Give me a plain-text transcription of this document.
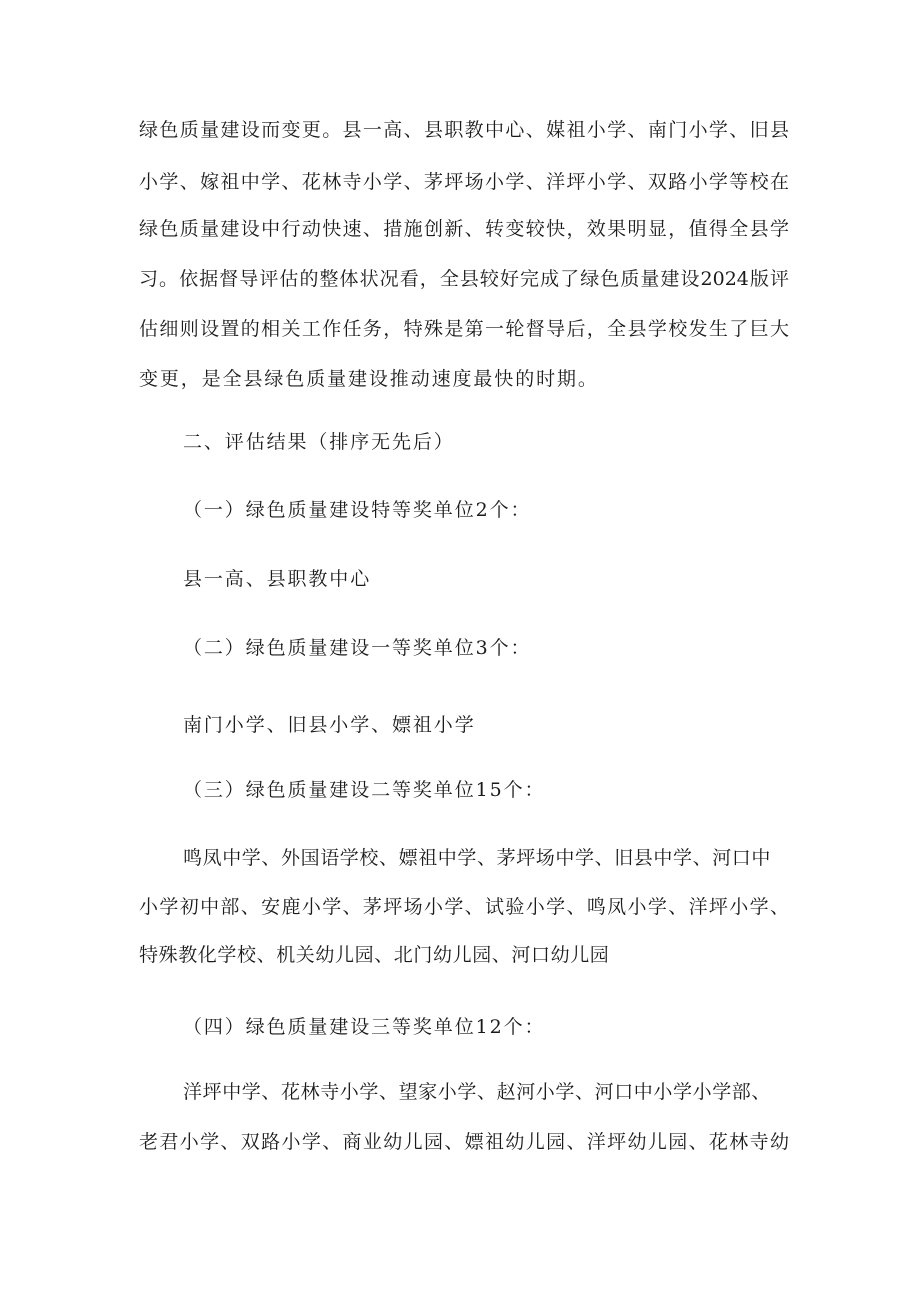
绿色质量建设而变更。县一高、县职教中心、媒祖小学、南门小学、旧县
小学、嫁祖中学、花林寺小学、茅坪场小学、洋坪小学、双路小学等校在
绿色质量建设中行动快速、措施创新、转变较快，效果明显，值得全县学
习。依据督导评估的整体状况看，全县较好完成了绿色质量建设2024版评
估细则设置的相关工作任务，特殊是第一轮督导后，全县学校发生了巨大
变更，是全县绿色质量建设推动速度最快的时期。
二、评估结果（排序无先后）
（一）绿色质量建设特等奖单位2个：
县一高、县职教中心
（二）绿色质量建设一等奖单位3个：
南门小学、旧县小学、嫖祖小学
（三）绿色质量建设二等奖单位15个：
鸣凤中学、外国语学校、嫖祖中学、茅坪场中学、旧县中学、河口中
小学初中部、安鹿小学、茅坪场小学、试验小学、鸣凤小学、洋坪小学、
特殊教化学校、机关幼儿园、北门幼儿园、河口幼儿园
（四）绿色质量建设三等奖单位12个：
洋坪中学、花林寺小学、望家小学、赵河小学、河口中小学小学部、
老君小学、双路小学、商业幼儿园、嫖祖幼儿园、洋坪幼儿园、花林寺幼
